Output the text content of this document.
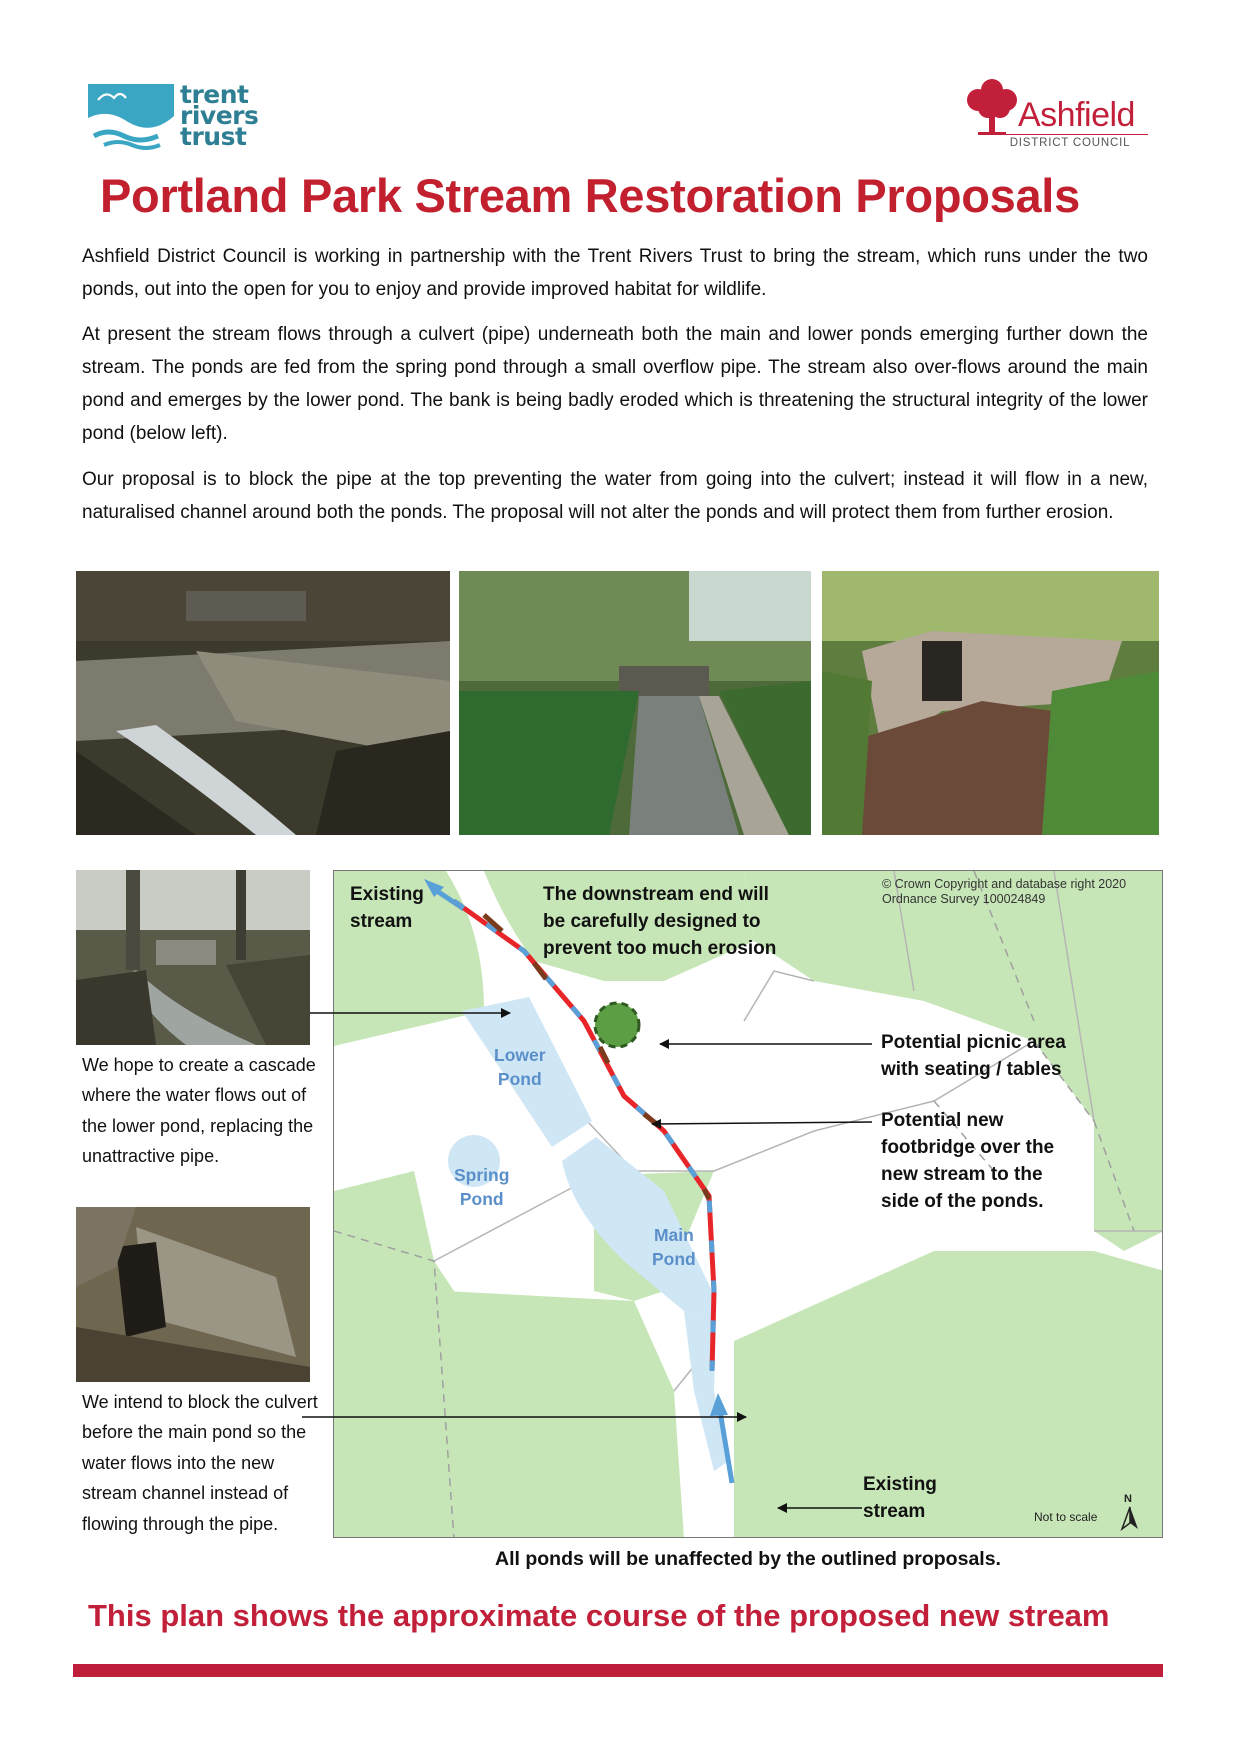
trent
rivers
trust
Ashfield
DISTRICT COUNCIL
Portland Park Stream Restoration Proposals

Ashfield District Council is working in partnership with the Trent Rivers Trust to bring the stream, which runs under the two ponds, out into the open for you to enjoy and provide improved habitat for wildlife.

At present the stream flows through a culvert (pipe) underneath both the main and lower ponds emerging further down the stream. The ponds are fed from the spring pond through a small overflow pipe. The stream also over-flows around the main pond and emerges by the lower pond. The bank is being badly eroded which is threatening the structural integrity of the lower pond (below left).

Our proposal is to block the pipe at the top preventing the water from going into the culvert; instead it will flow in a new, naturalised channel around both the ponds. The proposal will not alter the ponds and will protect them from further erosion.

We hope to create a cascade where the water flows out of the lower pond, replacing the unattractive pipe.

We intend to block the culvert before the main pond so the water flows into the new stream channel instead of flowing through the pipe.

© Crown Copyright and database right 2020
Ordnance Survey 100024849
Existing
stream
The downstream end will
be carefully designed to
prevent too much erosion
Potential picnic area
with seating / tables
Potential new
footbridge over the
new stream to the
side of the ponds.
Existing
stream
Lower
Pond
Spring
Pond
Main
Pond
Not to scale
N
All ponds will be unaffected by the outlined proposals.
This plan shows the approximate course of the proposed new stream
